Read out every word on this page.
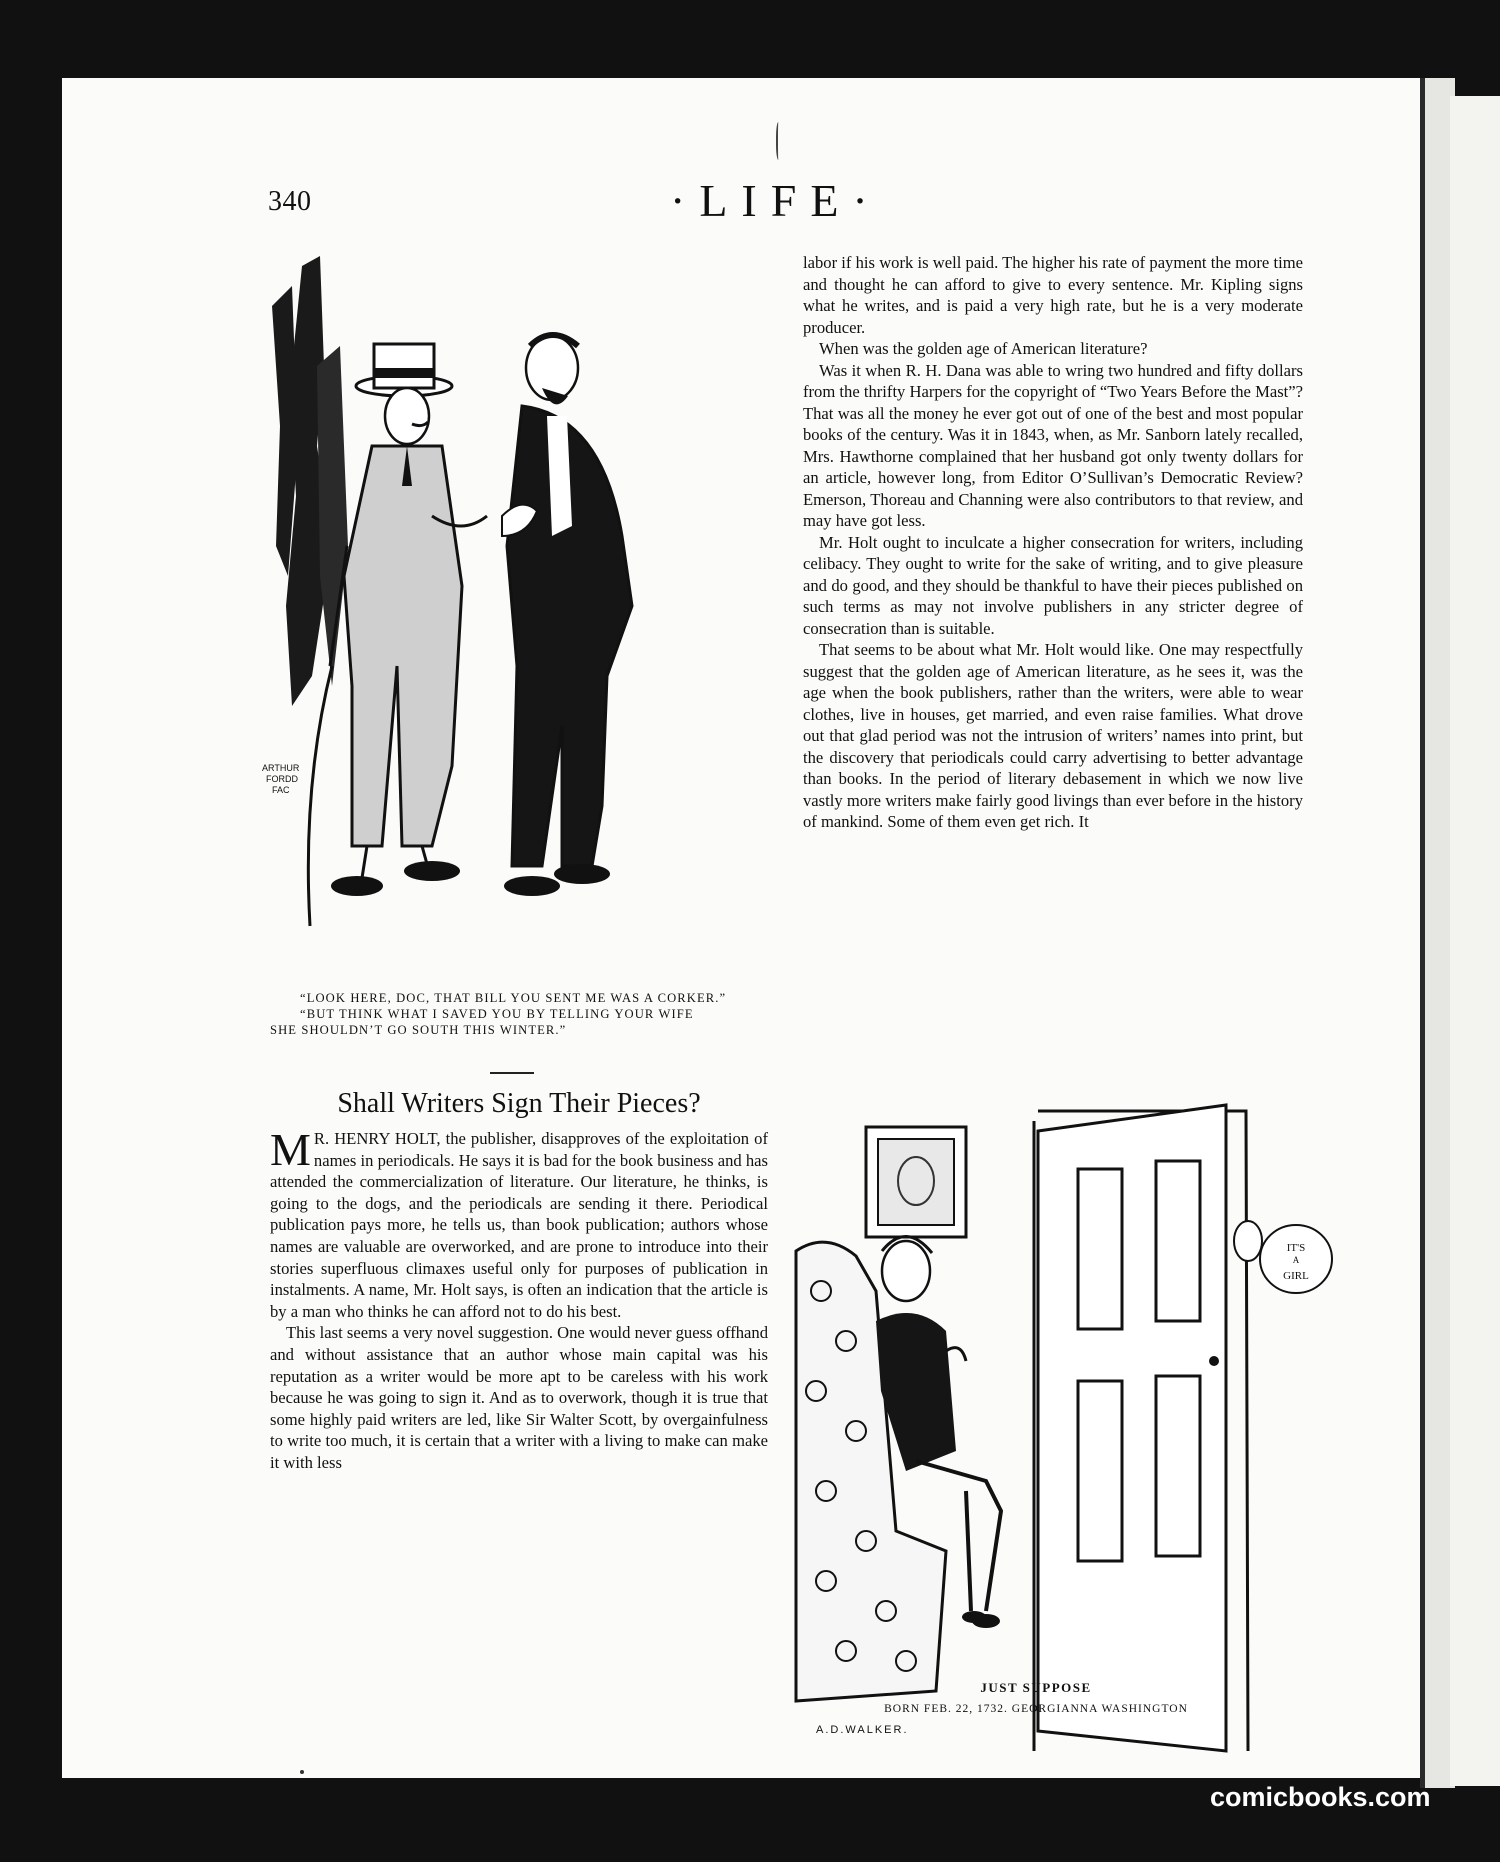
340	·LIFE·
ARTHUR
FORDD
FAC
“LOOK HERE, DOC, THAT BILL YOU SENT ME WAS A CORKER.”
“BUT THINK WHAT I SAVED YOU BY TELLING YOUR WIFE
SHE SHOULDN’T GO SOUTH THIS WINTER.”
Shall Writers Sign Their Pieces?

M R. HENRY HOLT, the publisher, disapproves of the exploitation of names in periodicals. He says it is bad for the book business and has attended the commercialization of literature. Our literature, he thinks, is going to the dogs, and the periodicals are sending it there. Periodical publication pays more, he tells us, than book publication; authors whose names are valuable are overworked, and are prone to introduce into their stories superfluous climaxes useful only for purposes of publication in instalments. A name, Mr. Holt says, is often an indication that the article is by a man who thinks he can afford not to do his best.

This last seems a very novel suggestion. One would never guess offhand and without assistance that an author whose main capital was his reputation as a writer would be more apt to be careless with his work because he was going to sign it. And as to overwork, though it is true that some highly paid writers are led, like Sir Walter Scott, by overgainfulness to write too much, it is certain that a writer with a living to make can make it with less

labor if his work is well paid. The higher his rate of payment the more time and thought he can afford to give to every sentence. Mr. Kipling signs what he writes, and is paid a very high rate, but he is a very moderate producer.

When was the golden age of American literature?

Was it when R. H. Dana was able to wring two hundred and fifty dollars from the thrifty Harpers for the copyright of “Two Years Before the Mast”? That was all the money he ever got out of one of the best and most popular books of the century. Was it in 1843, when, as Mr. Sanborn lately recalled, Mrs. Hawthorne complained that her husband got only twenty dollars for an article, however long, from Editor O’Sullivan’s Democratic Review? Emerson, Thoreau and Channing were also contributors to that review, and may have got less.

Mr. Holt ought to inculcate a higher consecration for writers, including celibacy. They ought to write for the sake of writing, and to give pleasure and do good, and they should be thankful to have their pieces published on such terms as may not involve publishers in any stricter degree of consecration than is suitable.

That seems to be about what Mr. Holt would like. One may respectfully suggest that the golden age of American literature, as he sees it, was the age when the book publishers, rather than the writers, were able to wear clothes, live in houses, get married, and even raise families. What drove out that glad period was not the intrusion of writers’ names into print, but the discovery that periodicals could carry advertising to better advantage than books. In the period of literary debasement in which we now live vastly more writers make fairly good livings than ever before in the history of mankind. Some of them even get rich. It

IT'S
A
GIRL
A.D.WALKER.
JUST SUPPOSE
BORN FEB. 22, 1732. GEORGIANNA WASHINGTON
comicbooks.com
